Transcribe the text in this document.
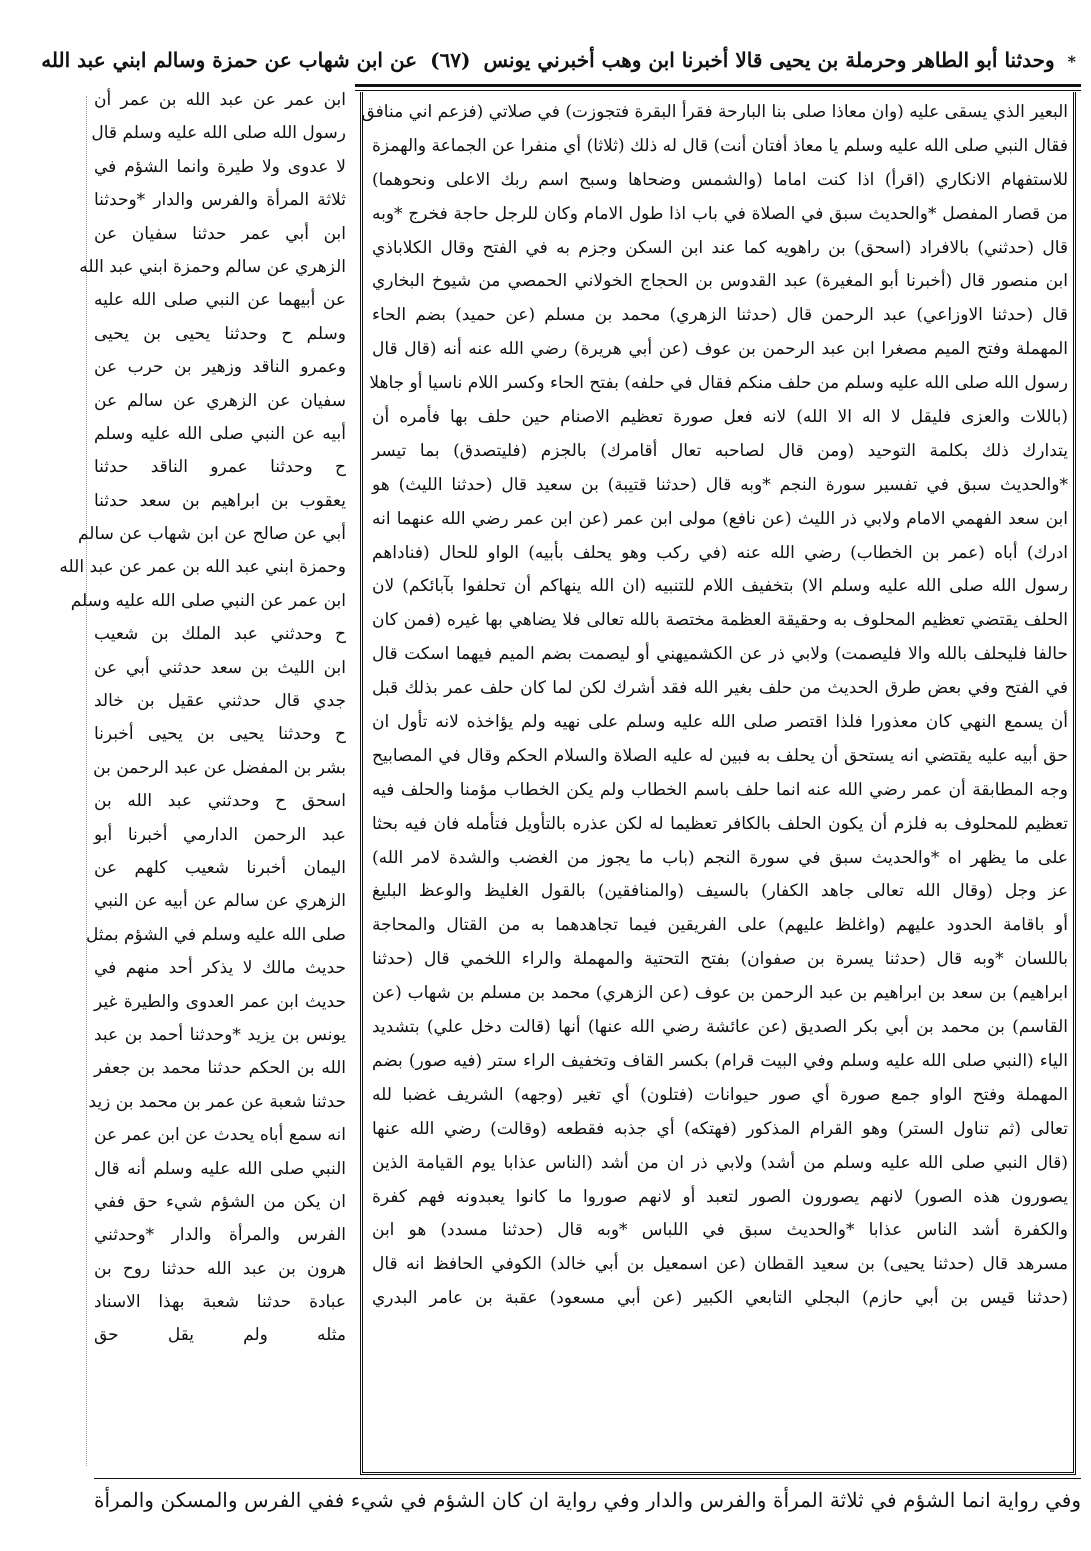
* وحدثنا أبو الطاهر وحرملة بن يحيى قالا أخبرنا ابن وهب أخبرني يونس (٦٧) عن ابن شهاب عن حمزة وسالم ابني عبد الله
البعير الذي يسقى عليه (وان معاذا صلى بنا البارحة فقرأ البقرة فتجوزت) في صلاتي (فزعم اني منافق
فقال النبي صلى الله عليه وسلم يا معاذ أفتان أنت) قال له ذلك (ثلاثا) أي منفرا عن الجماعة والهمزة
للاستفهام الانكاري (اقرأ) اذا كنت اماما (والشمس وضحاها وسبح اسم ربك الاعلى ونحوهما)
من قصار المفصل *والحديث سبق في الصلاة في باب اذا طول الامام وكان للرجل حاجة فخرج *وبه
قال (حدثني) بالافراد (اسحق) بن راهويه كما عند ابن السكن وجزم به في الفتح وقال الكلاباذي
ابن منصور قال (أخبرنا أبو المغيرة) عبد القدوس بن الحجاج الخولاني الحمصي من شيوخ البخاري
قال (حدثنا الاوزاعي) عبد الرحمن قال (حدثنا الزهري) محمد بن مسلم (عن حميد) بضم الحاء
المهملة وفتح الميم مصغرا ابن عبد الرحمن بن عوف (عن أبي هريرة) رضي الله عنه أنه (قال قال
رسول الله صلى الله عليه وسلم من حلف منكم فقال في حلفه) بفتح الحاء وكسر اللام ناسيا أو جاهلا
(باللات والعزى فليقل لا اله الا الله) لانه فعل صورة تعظيم الاصنام حين حلف بها فأمره أن
يتدارك ذلك بكلمة التوحيد (ومن قال لصاحبه تعال أقامرك) بالجزم (فليتصدق) بما تيسر
*والحديث سبق في تفسير سورة النجم *وبه قال (حدثنا قتيبة) بن سعيد قال (حدثنا الليث) هو
ابن سعد الفهمي الامام ولابي ذر الليث (عن نافع) مولى ابن عمر (عن ابن عمر رضي الله عنهما انه
ادرك) أباه (عمر بن الخطاب) رضي الله عنه (في ركب وهو يحلف بأبيه) الواو للحال (فناداهم
رسول الله صلى الله عليه وسلم الا) بتخفيف اللام للتنبيه (ان الله ينهاكم أن تحلفوا بآبائكم) لان
الحلف يقتضي تعظيم المحلوف به وحقيقة العظمة مختصة بالله تعالى فلا يضاهي بها غيره (فمن كان
حالفا فليحلف بالله والا فليصمت) ولابي ذر عن الكشميهني أو ليصمت بضم الميم فيهما اسكت قال
في الفتح وفي بعض طرق الحديث من حلف بغير الله فقد أشرك لكن لما كان حلف عمر بذلك قبل
أن يسمع النهي كان معذورا فلذا اقتصر صلى الله عليه وسلم على نهيه ولم يؤاخذه لانه تأول ان
حق أبيه عليه يقتضي انه يستحق أن يحلف به فبين له عليه الصلاة والسلام الحكم وقال في المصابيح
وجه المطابقة أن عمر رضي الله عنه انما حلف باسم الخطاب ولم يكن الخطاب مؤمنا والحلف فيه
تعظيم للمحلوف به فلزم أن يكون الحلف بالكافر تعظيما له لكن عذره بالتأويل فتأمله فان فيه بحثا
على ما يظهر اه *والحديث سبق في سورة النجم (باب ما يجوز من الغضب والشدة لامر الله)
عز وجل (وقال الله تعالى جاهد الكفار) بالسيف (والمنافقين) بالقول الغليظ والوعظ البليغ
أو باقامة الحدود عليهم (واغلظ عليهم) على الفريقين فيما تجاهدهما به من القتال والمحاجة
باللسان *وبه قال (حدثنا يسرة بن صفوان) بفتح التحتية والمهملة والراء اللخمي قال (حدثنا
ابراهيم) بن سعد بن ابراهيم بن عبد الرحمن بن عوف (عن الزهري) محمد بن مسلم بن شهاب (عن
القاسم) بن محمد بن أبي بكر الصديق (عن عائشة رضي الله عنها) أنها (قالت دخل علي) بتشديد
الياء (النبي صلى الله عليه وسلم وفي البيت قرام) بكسر القاف وتخفيف الراء ستر (فيه صور) بضم
المهملة وفتح الواو جمع صورة أي صور حيوانات (فتلون) أي تغير (وجهه) الشريف غضبا لله
تعالى (ثم تناول الستر) وهو القرام المذكور (فهتكه) أي جذبه فقطعه (وقالت) رضي الله عنها
(قال النبي صلى الله عليه وسلم من أشد) ولابي ذر ان من أشد (الناس عذابا يوم القيامة الذين
يصورون هذه الصور) لانهم يصورون الصور لتعبد أو لانهم صوروا ما كانوا يعبدونه فهم كفرة
والكفرة أشد الناس عذابا *والحديث سبق في اللباس *وبه قال (حدثنا مسدد) هو ابن
مسرهد قال (حدثنا يحيى) بن سعيد القطان (عن اسمعيل بن أبي خالد) الكوفي الحافظ انه قال
(حدثنا قيس بن أبي حازم) البجلي التابعي الكبير (عن أبي مسعود) عقبة بن عامر البدري
ابن عمر عن عبد الله بن عمر أن
رسول الله صلى الله عليه وسلم قال
لا عدوى ولا طيرة وانما الشؤم في
ثلاثة المرأة والفرس والدار *وحدثنا
ابن أبي عمر حدثنا سفيان عن
الزهري عن سالم وحمزة ابني عبد الله
عن أبيهما عن النبي صلى الله عليه
وسلم ح وحدثنا يحيى بن يحيى
وعمرو الناقد وزهير بن حرب عن
سفيان عن الزهري عن سالم عن
أبيه عن النبي صلى الله عليه وسلم
ح وحدثنا عمرو الناقد حدثنا
يعقوب بن ابراهيم بن سعد حدثنا
أبي عن صالح عن ابن شهاب عن سالم
وحمزة ابني عبد الله بن عمر عن عبد الله
ابن عمر عن النبي صلى الله عليه وسلم
ح وحدثني عبد الملك بن شعيب
ابن الليث بن سعد حدثني أبي عن
جدي قال حدثني عقيل بن خالد
ح وحدثنا يحيى بن يحيى أخبرنا
بشر بن المفضل عن عبد الرحمن بن
اسحق ح وحدثني عبد الله بن
عبد الرحمن الدارمي أخبرنا أبو
اليمان أخبرنا شعيب كلهم عن
الزهري عن سالم عن أبيه عن النبي
صلى الله عليه وسلم في الشؤم بمثل
حديث مالك لا يذكر أحد منهم في
حديث ابن عمر العدوى والطيرة غير
يونس بن يزيد *وحدثنا أحمد بن عبد
الله بن الحكم حدثنا محمد بن جعفر
حدثنا شعبة عن عمر بن محمد بن زيد
انه سمع أباه يحدث عن ابن عمر عن
النبي صلى الله عليه وسلم أنه قال
ان يكن من الشؤم شيء حق ففي
الفرس والمرأة والدار *وحدثني
هرون بن عبد الله حدثنا روح بن
عبادة حدثنا شعبة بهذا الاسناد
مثله ولم يقل حق
وفي رواية انما الشؤم في ثلاثة المرأة والفرس والدار وفي رواية ان كان الشؤم في شيء ففي الفرس والمسكن والمرأة
